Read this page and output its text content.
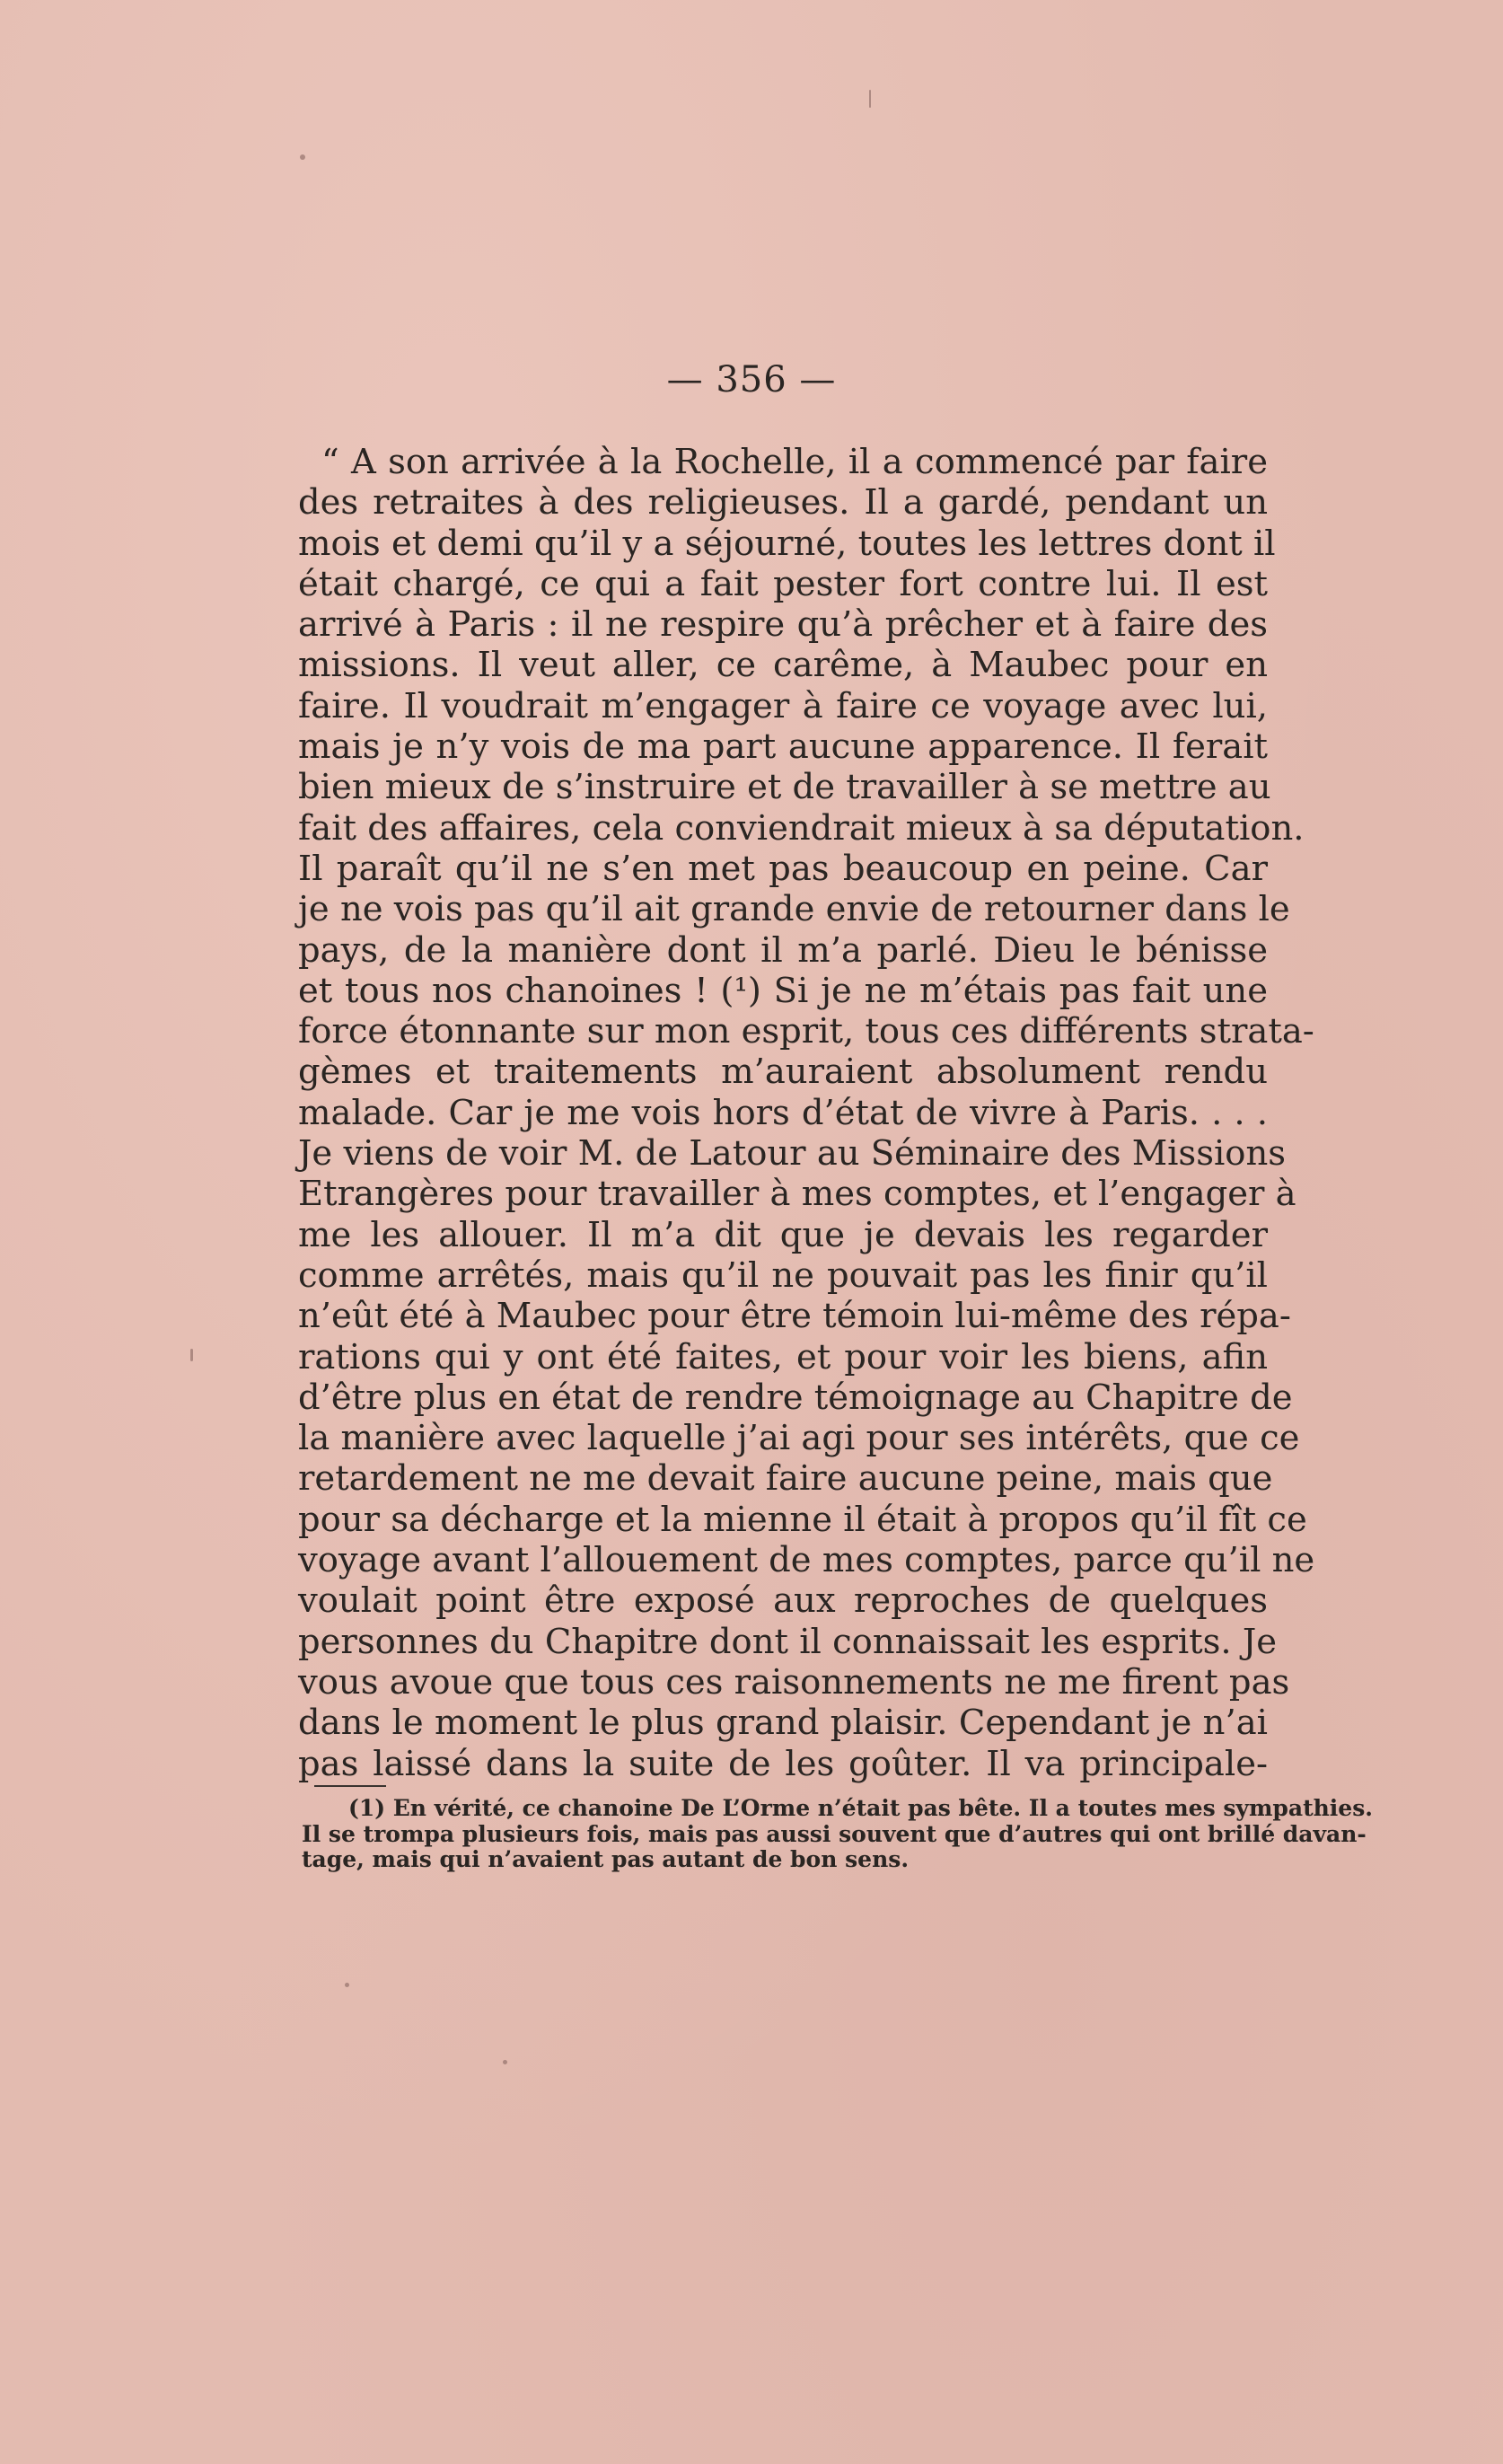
— 356 —
“ A son arrivée à la Rochelle, il a commencé par faire
des retraites à des religieuses. Il a gardé, pendant un
mois et demi qu’il y a séjourné, toutes les lettres dont il
était chargé, ce qui a fait pester fort contre lui. Il est
arrivé à Paris : il ne respire qu’à prêcher et à faire des
missions. Il veut aller, ce carême, à Maubec pour en
faire. Il voudrait m’engager à faire ce voyage avec lui,
mais je n’y vois de ma part aucune apparence. Il ferait
bien mieux de s’instruire et de travailler à se mettre au
fait des affaires, cela conviendrait mieux à sa députation.
Il paraît qu’il ne s’en met pas beaucoup en peine. Car
je ne vois pas qu’il ait grande envie de retourner dans le
pays, de la manière dont il m’a parlé. Dieu le bénisse
et tous nos chanoines ! (¹) Si je ne m’étais pas fait une
force étonnante sur mon esprit, tous ces différents strata-
gèmes et traitements m’auraient absolument rendu
malade. Car je me vois hors d’état de vivre à Paris. . . .
Je viens de voir M. de Latour au Séminaire des Missions
Etrangères pour travailler à mes comptes, et l’engager à
me les allouer. Il m’a dit que je devais les regarder
comme arrêtés, mais qu’il ne pouvait pas les finir qu’il
n’eût été à Maubec pour être témoin lui-même des répa-
rations qui y ont été faites, et pour voir les biens, afin
d’être plus en état de rendre témoignage au Chapitre de
la manière avec laquelle j’ai agi pour ses intérêts, que ce
retardement ne me devait faire aucune peine, mais que
pour sa décharge et la mienne il était à propos qu’il fît ce
voyage avant l’allouement de mes comptes, parce qu’il ne
voulait point être exposé aux reproches de quelques
personnes du Chapitre dont il connaissait les esprits. Je
vous avoue que tous ces raisonnements ne me firent pas
dans le moment le plus grand plaisir. Cependant je n’ai
pas laissé dans la suite de les goûter. Il va principale-
(1) En vérité, ce chanoine De L’Orme n’était pas bête. Il a toutes mes sympathies.
Il se trompa plusieurs fois, mais pas aussi souvent que d’autres qui ont brillé davan-
tage, mais qui n’avaient pas autant de bon sens.
